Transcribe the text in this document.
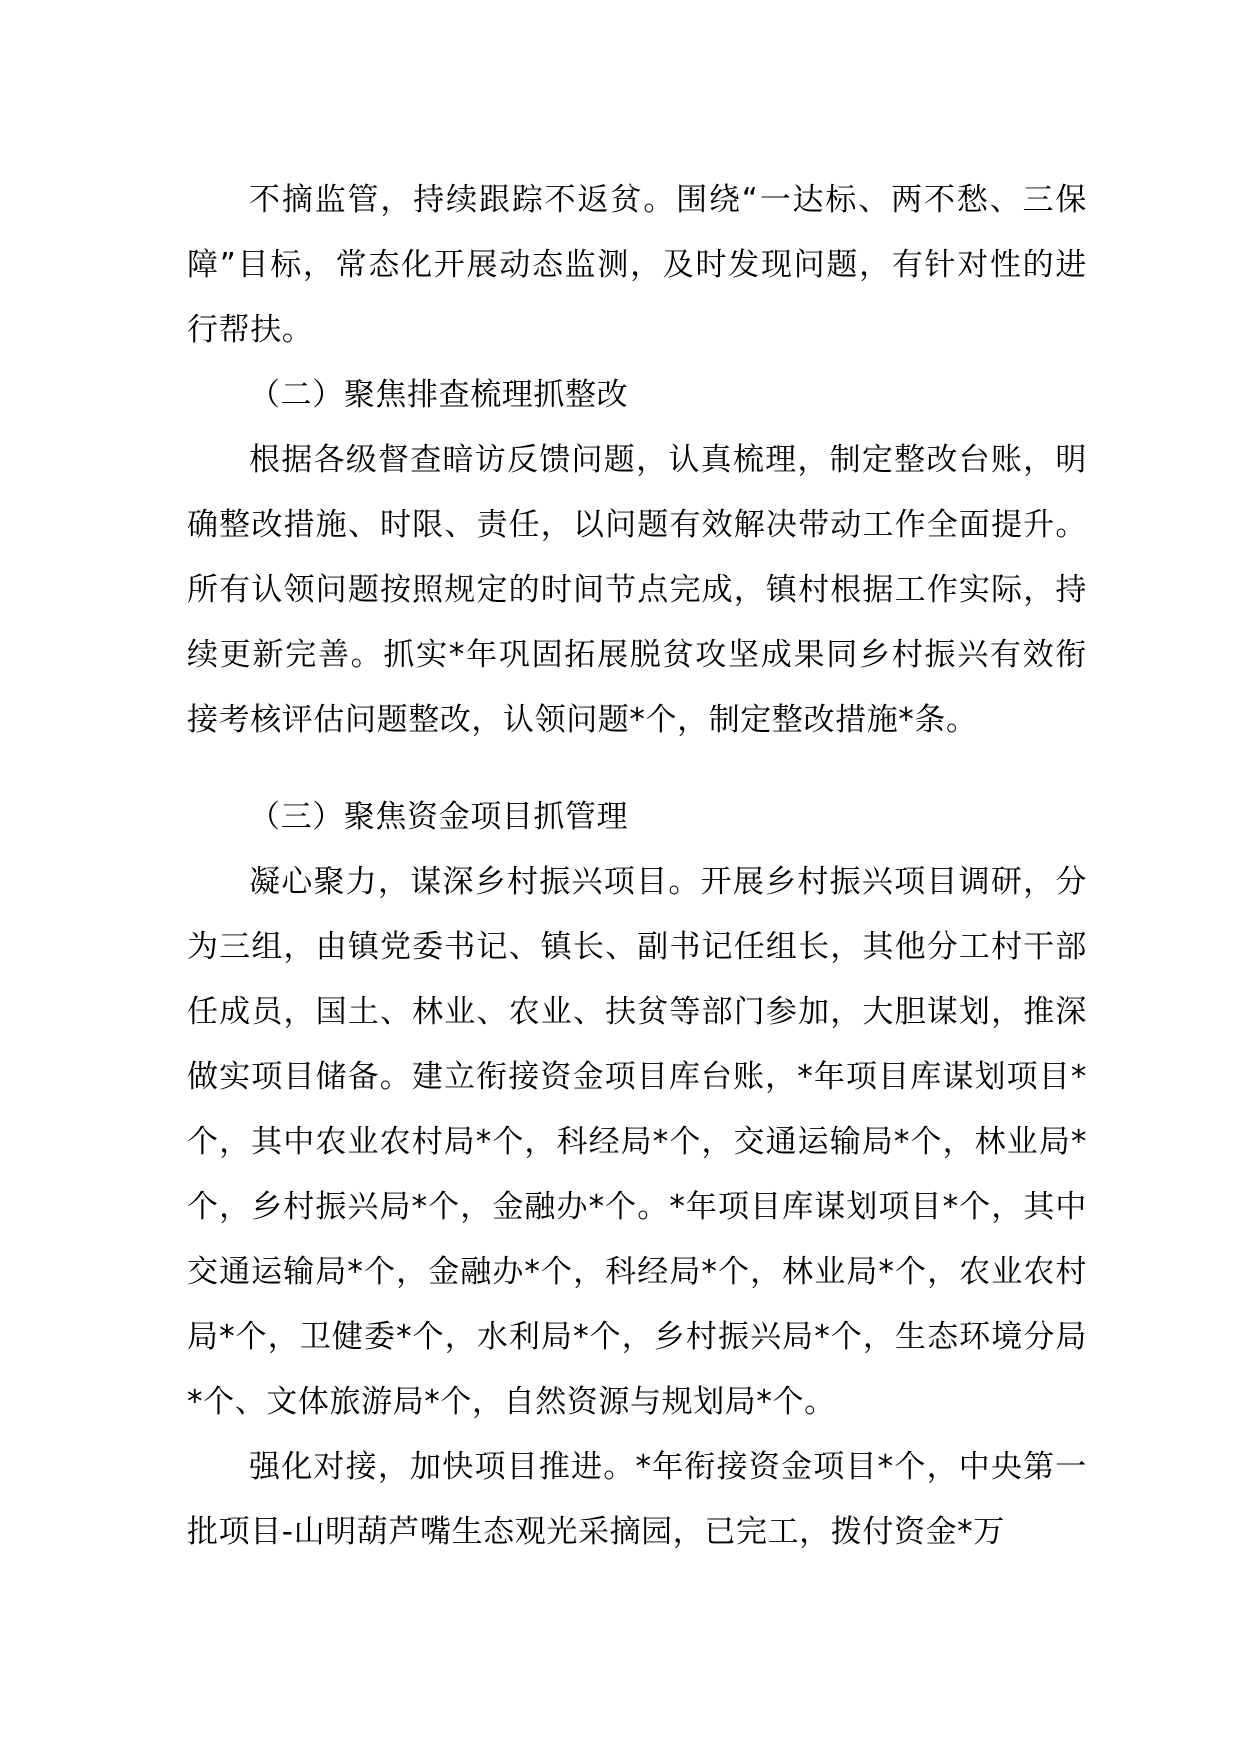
不摘监管，持续跟踪不返贫。围绕“一达标、两不愁、三保障”目标，常态化开展动态监测，及时发现问题，有针对性的进行帮扶。

（二）聚焦排查梳理抓整改

根据各级督查暗访反馈问题，认真梳理，制定整改台账，明确整改措施、时限、责任，以问题有效解决带动工作全面提升。所有认领问题按照规定的时间节点完成，镇村根据工作实际，持续更新完善。抓实*年巩固拓展脱贫攻坚成果同乡村振兴有效衔接考核评估问题整改，认领问题*个，制定整改措施*条。

（三）聚焦资金项目抓管理

凝心聚力，谋深乡村振兴项目。开展乡村振兴项目调研，分为三组，由镇党委书记、镇长、副书记任组长，其他分工村干部任成员，国土、林业、农业、扶贫等部门参加，大胆谋划，推深做实项目储备。建立衔接资金项目库台账，*年项目库谋划项目*个，其中农业农村局*个，科经局*个，交通运输局*个，林业局*个，乡村振兴局*个，金融办*个。*年项目库谋划项目*个，其中交通运输局*个，金融办*个，科经局*个，林业局*个，农业农村局*个，卫健委*个，水利局*个，乡村振兴局*个，生态环境分局*个、文体旅游局*个，自然资源与规划局*个。

强化对接，加快项目推进。*年衔接资金项目*个，中央第一批项目-山明葫芦嘴生态观光采摘园，已完工，拨付资金*万
